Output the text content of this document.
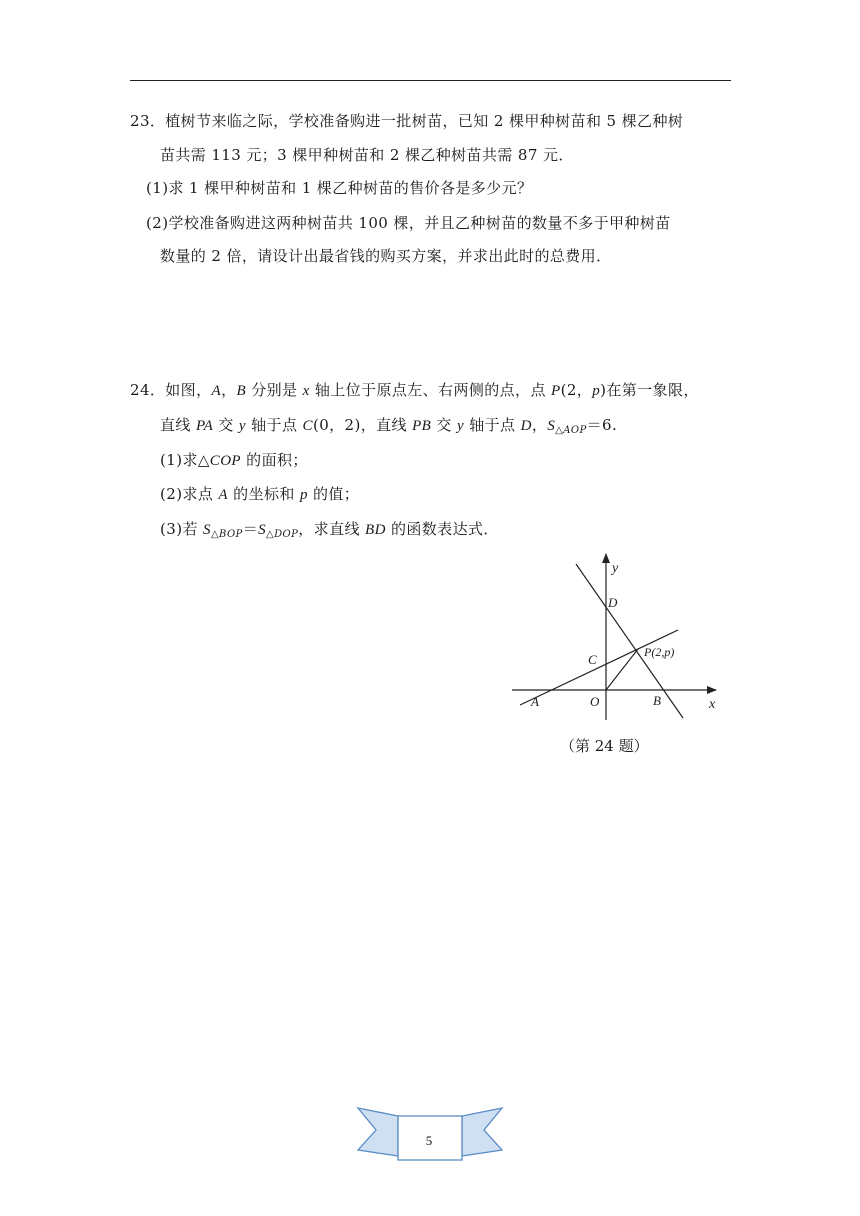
23．植树节来临之际，学校准备购进一批树苗，已知 2 棵甲种树苗和 5 棵乙种树
苗共需 113 元；3 棵甲种树苗和 2 棵乙种树苗共需 87 元．
(1)求 1 棵甲种树苗和 1 棵乙种树苗的售价各是多少元？
(2)学校准备购进这两种树苗共 100 棵，并且乙种树苗的数量不多于甲种树苗
数量的 2 倍，请设计出最省钱的购买方案，并求出此时的总费用．
24．如图，A，B 分别是 x 轴上位于原点左、右两侧的点，点 P(2，p)在第一象限，
直线 PA 交 y 轴于点 C(0，2)，直线 PB 交 y 轴于点 D，$S_{\triangle AOP}=6$.
(1)求△COP 的面积；
(2)求点 A 的坐标和 p 的值；
(3)若 $S_{\triangle BOP}=S_{\triangle DOP}$，求直线 BD 的函数表达式．
y
x
D
C	P(2,p)
O
A	B
（第 24 题）
5
